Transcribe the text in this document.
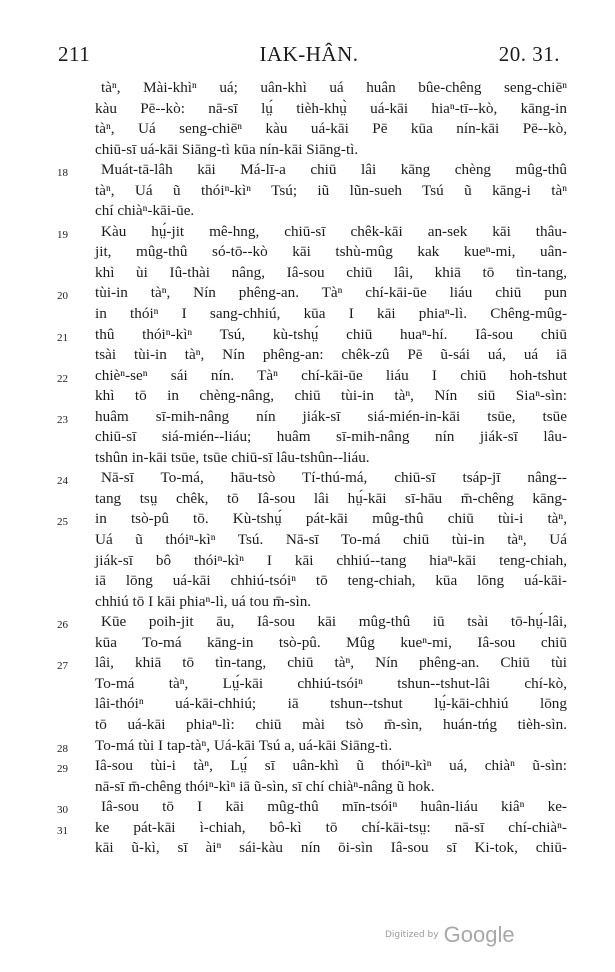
211	IAK-HÂN.	20. 31.
tàⁿ, Mài-khìⁿ uá; uân-khì uá huân bûe-chêng seng-chiēⁿ
kàu Pē--kò: nā-sī lṳ́ tièh-khṳ̀ uá-kāi hiaⁿ-tī--kò, kāng-in
tàⁿ, Uá seng-chiēⁿ kàu uá-kāi Pē kūa nín-kāi Pē--kò,
chiū-sī uá-kāi Siāng-tì kūa nín-kāi Siāng-tì.
18	Muát-tā-lâh kāi Má-lī-a chiū lâi kāng chèng mûg-thû
tàⁿ, Uá ũ thóiⁿ-kìⁿ Tsú; iũ lũn-sueh Tsú ũ kāng-i tàⁿ
chí chiàⁿ-kāi-ūe.
19	Kàu hṳ́-jit mê-hng, chiū-sī chêk-kāi an-sek kāi thâu-
jit, mûg-thû só-tō--kò kāi tshù-mûg kak kueⁿ-mi, uân-
khì ùi Iû-thài nâng, Iâ-sou chiū lâi, khiā tō tìn-tang,
20	tùi-in tàⁿ, Nín phêng-an. Tàⁿ chí-kāi-ūe liáu chiū pun
in thóiⁿ I sang-chhiú, kūa I kāi phiaⁿ-lì. Chêng-mûg-
21	thû thóiⁿ-kìⁿ Tsú, kù-tshṳ́ chiū huaⁿ-hí. Iâ-sou chiū
tsài tùi-in tàⁿ, Nín phêng-an: chêk-zû Pē ũ-sái uá, uá iā
22	chièⁿ-seⁿ sái nín. Tàⁿ chí-kāi-ūe liáu I chiū hoh-tshut
khì tō in chèng-nâng, chiū tùi-in tàⁿ, Nín siū Siaⁿ-sìn:
23	huâm sī-mih-nâng nín jiák-sī siá-mién-in-kāi tsūe, tsūe
chiū-sī siá-mién--liáu; huâm sī-mih-nâng nín jiák-sī lâu-
tshûn in-kāi tsūe, tsūe chiū-sī lâu-tshûn--liáu.
24	Nā-sī To-má, hāu-tsò Tí-thú-má, chiū-sī tsáp-jī nâng--
tang tsṳ chêk, tō Iâ-sou lâi hṳ́-kāi sī-hāu m̄-chêng kāng-
25	in tsò-pû tō. Kù-tshṳ́ pát-kāi mûg-thû chiū tùi-i tàⁿ,
Uá ũ thóiⁿ-kìⁿ Tsú. Nā-sī To-má chiū tùi-in tàⁿ, Uá
jiák-sī bô thóiⁿ-kìⁿ I kāi chhiú--tang hiaⁿ-kāi teng-chiah,
iā lōng uá-kāi chhiú-tsóiⁿ tō teng-chiah, kūa lōng uá-kāi-
chhiú tō I kāi phiaⁿ-lì, uá tou m̄-sìn.
26	Kūe poih-jit āu, Iâ-sou kāi mûg-thû iū tsài tō-hṳ́-lâi,
kūa To-má kāng-in tsò-pû. Mûg kueⁿ-mi, Iâ-sou chiū
27	lâi, khiā tō tìn-tang, chiū tàⁿ, Nín phêng-an. Chiū tùi
To-má tàⁿ, Lṳ́-kāi chhiú-tsóiⁿ tshun--tshut-lâi chí-kò,
lâi-thóiⁿ uá-kāi-chhiú; iā tshun--tshut lṳ́-kāi-chhiú lōng
tō uá-kāi phiaⁿ-lì: chiū mài tsò m̄-sìn, huán-tńg tièh-sìn.
28	To-má tùi I tap-tàⁿ, Uá-kāi Tsú a, uá-kāi Siāng-tì.
29	Iâ-sou tùi-i tàⁿ, Lṳ́ sī uân-khì ũ thóiⁿ-kìⁿ uá, chiàⁿ ũ-sìn:
nā-sī m̄-chêng thóiⁿ-kìⁿ iā ũ-sìn, sī chí chiàⁿ-nâng ũ hok.
30	Iâ-sou tō I kāi mûg-thû mīn-tsóiⁿ huân-liáu kiâⁿ ke-
31	ke pát-kāi ì-chiah, bô-kì tō chí-kāi-tsṳ: nā-sī chí-chiàⁿ-
kāi ũ-kì, sī àiⁿ sái-kàu nín ōi-sìn Iâ-sou sī Ki-tok, chiū-
Digitized by Google
